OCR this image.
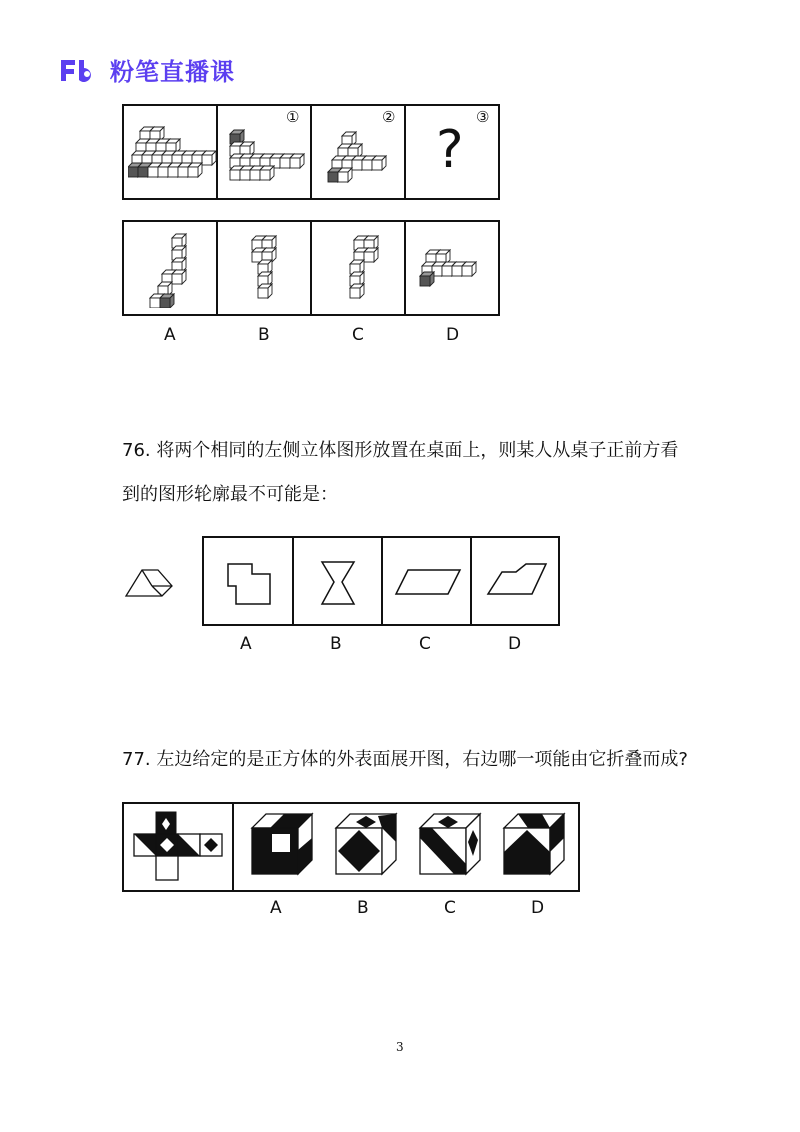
粉笔直播课
①	②	③
?
A	B	C	D
76. 将两个相同的左侧立体图形放置在桌面上，则某人从桌子正前方看
到的图形轮廓最不可能是：
A	B	C	D
77. 左边给定的是正方体的外表面展开图，右边哪一项能由它折叠而成?
A	B	C	D
3
